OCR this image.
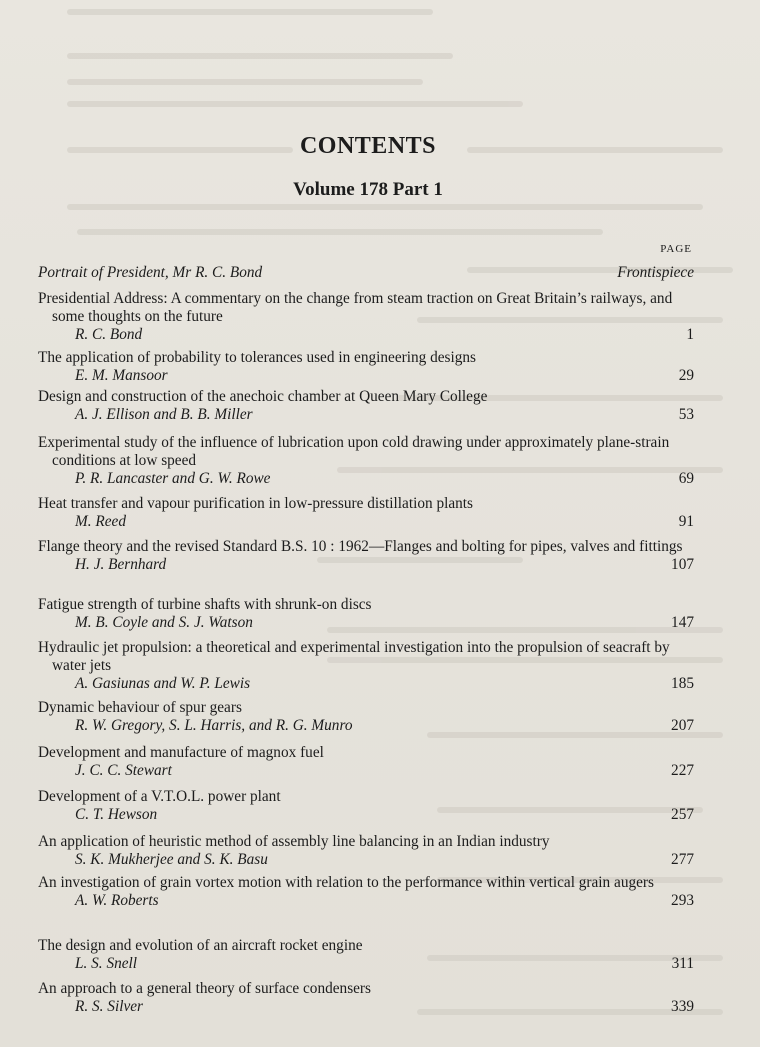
CONTENTS
Volume 178 Part 1
PAGE
Portrait of President, Mr R. C. Bond	Frontispiece
Presidential Address: A commentary on the change from steam traction on Great Britain’s railways, and some thoughts on the future
R. C. Bond	1
The application of probability to tolerances used in engineering designs
E. M. Mansoor	29
Design and construction of the anechoic chamber at Queen Mary College
A. J. Ellison and B. B. Miller	53
Experimental study of the influence of lubrication upon cold drawing under approximately plane-strain conditions at low speed
P. R. Lancaster and G. W. Rowe	69
Heat transfer and vapour purification in low-pressure distillation plants
M. Reed	91
Flange theory and the revised Standard B.S. 10 : 1962—Flanges and bolting for pipes, valves and fittings
H. J. Bernhard	107
Fatigue strength of turbine shafts with shrunk-on discs
M. B. Coyle and S. J. Watson	147
Hydraulic jet propulsion: a theoretical and experimental investigation into the propulsion of seacraft by water jets
A. Gasiunas and W. P. Lewis	185
Dynamic behaviour of spur gears
R. W. Gregory, S. L. Harris, and R. G. Munro	207
Development and manufacture of magnox fuel
J. C. C. Stewart	227
Development of a V.T.O.L. power plant
C. T. Hewson	257
An application of heuristic method of assembly line balancing in an Indian industry
S. K. Mukherjee and S. K. Basu	277
An investigation of grain vortex motion with relation to the performance within vertical grain augers
A. W. Roberts	293
The design and evolution of an aircraft rocket engine
L. S. Snell	311
An approach to a general theory of surface condensers
R. S. Silver	339
